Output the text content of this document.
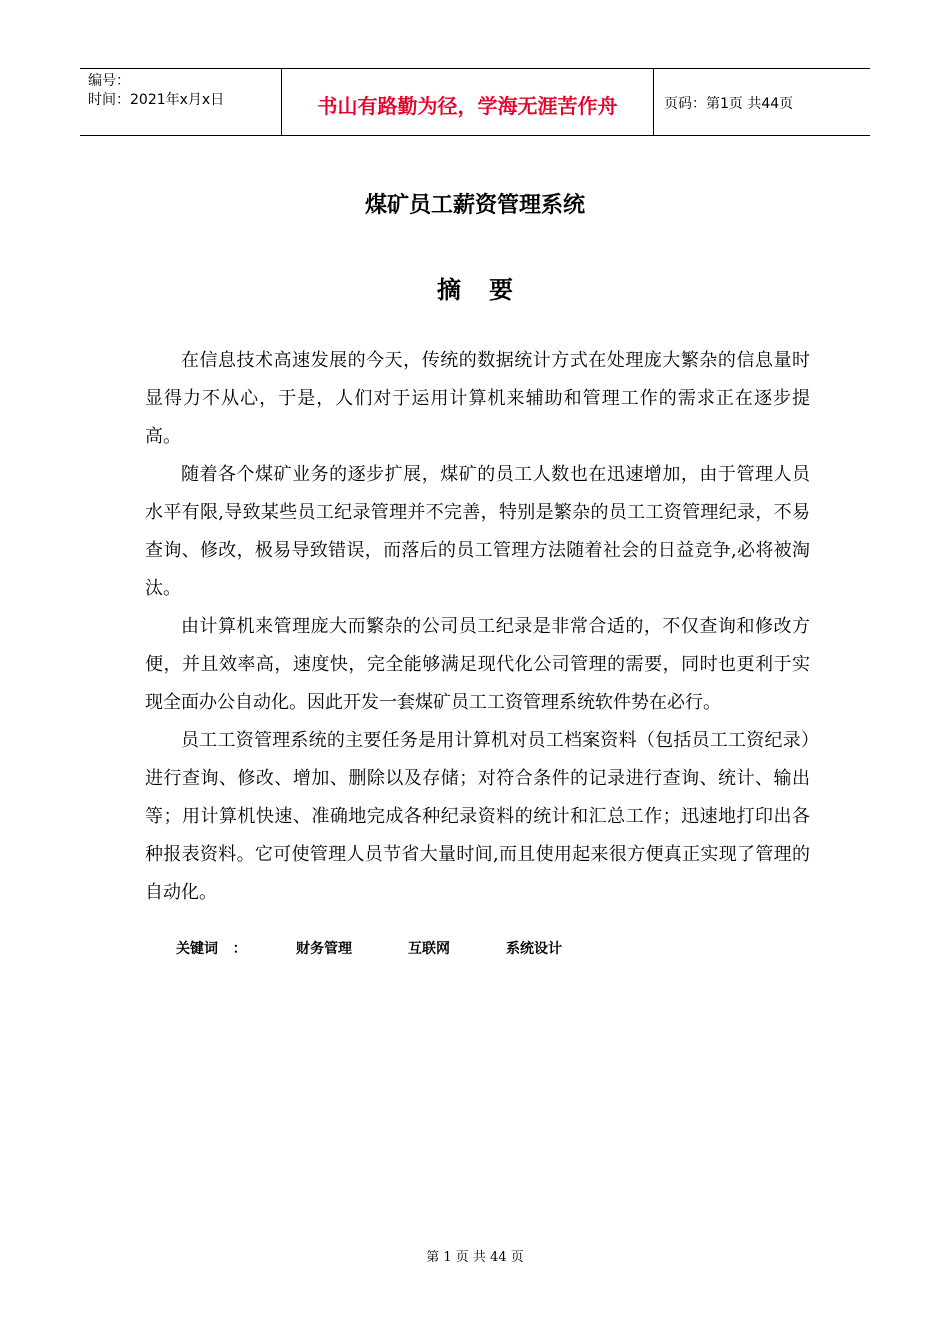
编号：
时间：2021年x月x日	书山有路勤为径，学海无涯苦作舟	页码：第1页 共44页
煤矿员工薪资管理系统
摘要

在信息技术高速发展的今天，传统的数据统计方式在处理庞大繁杂的信息量时显得力不从心，于是，人们对于运用计算机来辅助和管理工作的需求正在逐步提高。

随着各个煤矿业务的逐步扩展，煤矿的员工人数也在迅速增加，由于管理人员水平有限,导致某些员工纪录管理并不完善，特别是繁杂的员工工资管理纪录，不易查询、修改，极易导致错误，而落后的员工管理方法随着社会的日益竞争,必将被淘汰。

由计算机来管理庞大而繁杂的公司员工纪录是非常合适的，不仅查询和修改方便，并且效率高，速度快，完全能够满足现代化公司管理的需要，同时也更利于实现全面办公自动化。因此开发一套煤矿员工工资管理系统软件势在必行。

员工工资管理系统的主要任务是用计算机对员工档案资料（包括员工工资纪录）进行查询、修改、增加、删除以及存储；对符合条件的记录进行查询、统计、输出等；用计算机快速、准确地完成各种纪录资料的统计和汇总工作；迅速地打印出各种报表资料。它可使管理人员节省大量时间,而且使用起来很方便真正实现了管理的自动化。

关键词   ：	财务管理	互联网	系统设计
第 1 页 共 44 页
